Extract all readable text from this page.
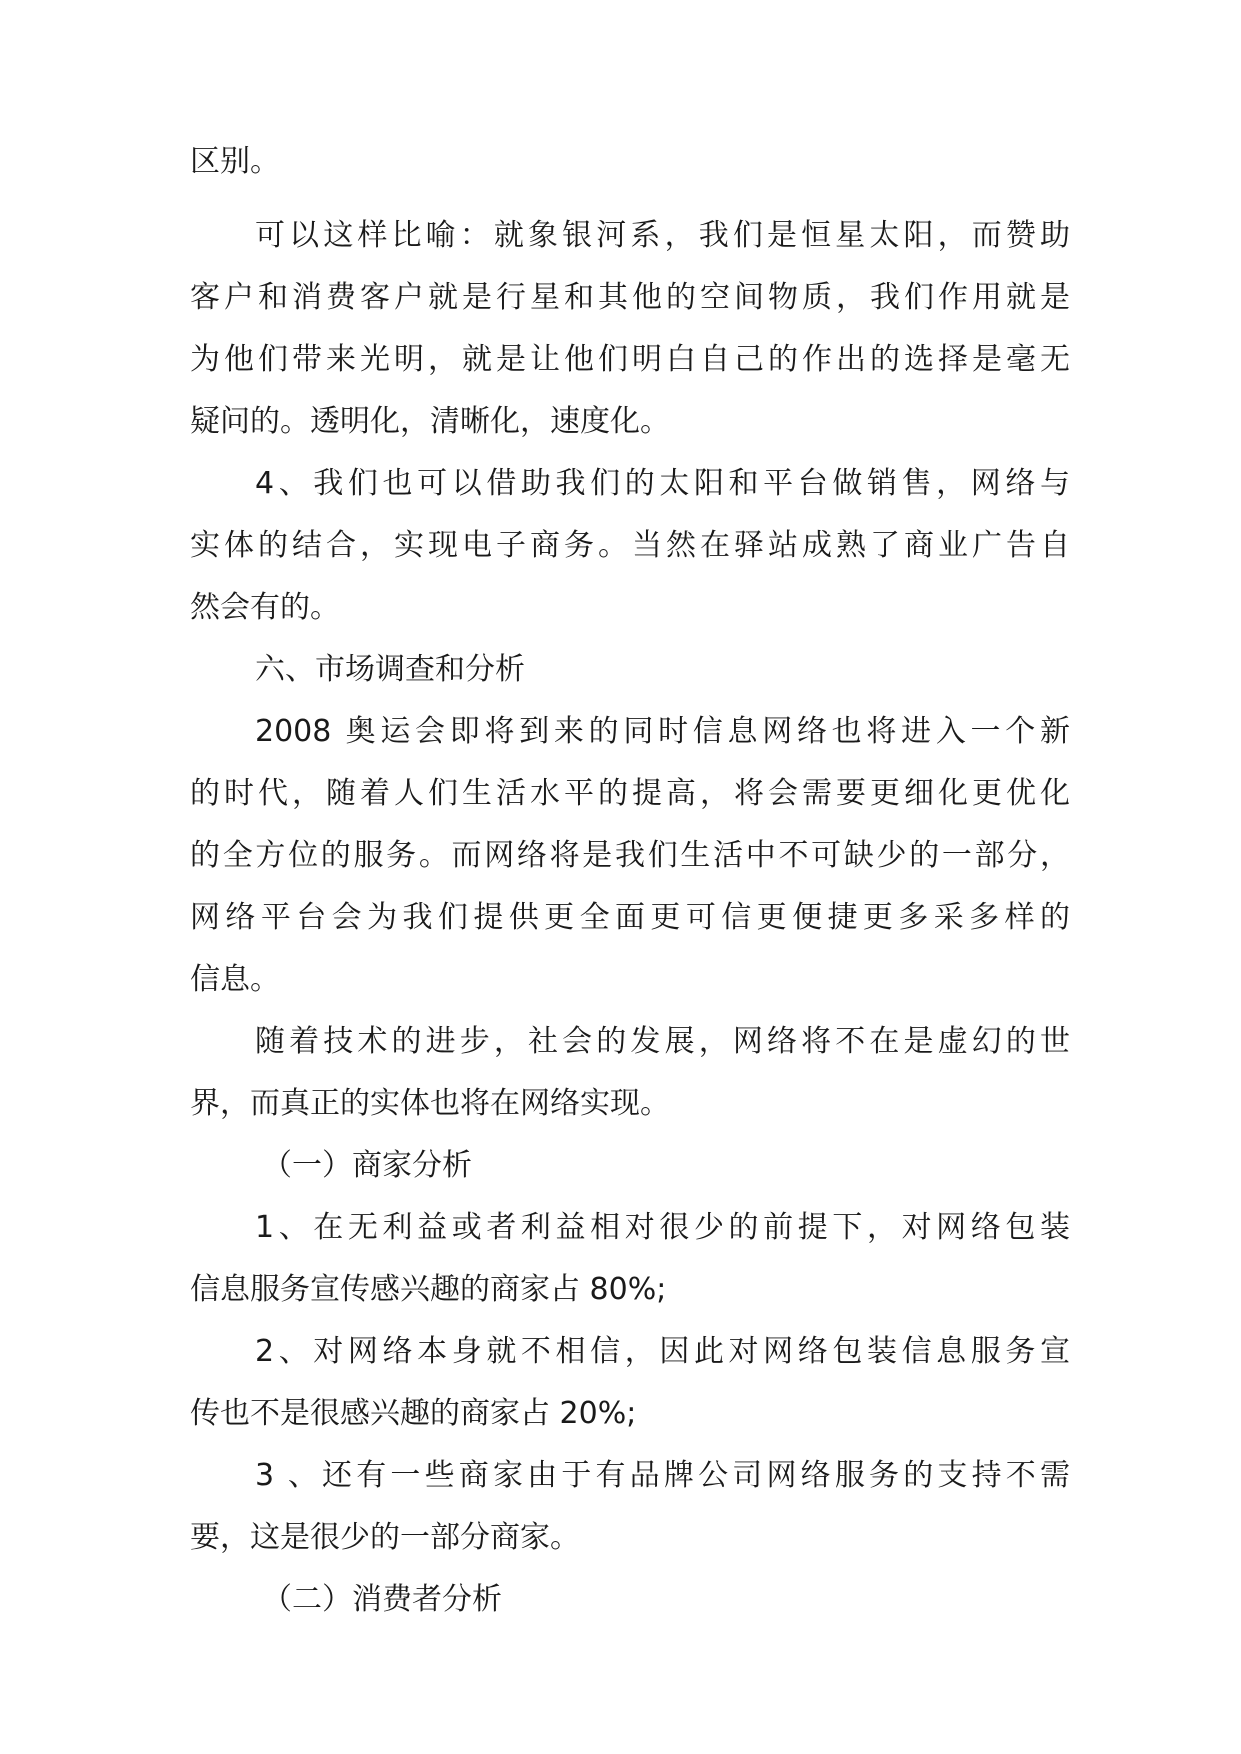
区别。
可以这样比喻：就象银河系，我们是恒星太阳，而赞助
客户和消费客户就是行星和其他的空间物质，我们作用就是
为他们带来光明，就是让他们明白自己的作出的选择是毫无
疑问的。透明化，清晰化，速度化。
4、我们也可以借助我们的太阳和平台做销售，网络与
实体的结合，实现电子商务。当然在驿站成熟了商业广告自
然会有的。
六、市场调查和分析
2008 奥运会即将到来的同时信息网络也将进入一个新
的时代，随着人们生活水平的提高，将会需要更细化更优化
的全方位的服务。而网络将是我们生活中不可缺少的一部分，
网络平台会为我们提供更全面更可信更便捷更多采多样的
信息。
随着技术的进步，社会的发展，网络将不在是虚幻的世
界，而真正的实体也将在网络实现。
（一）商家分析
1、在无利益或者利益相对很少的前提下，对网络包装
信息服务宣传感兴趣的商家占 80%;
2、对网络本身就不相信，因此对网络包装信息服务宣
传也不是很感兴趣的商家占 20%;
3 、还有一些商家由于有品牌公司网络服务的支持不需
要，这是很少的一部分商家。
（二）消费者分析
